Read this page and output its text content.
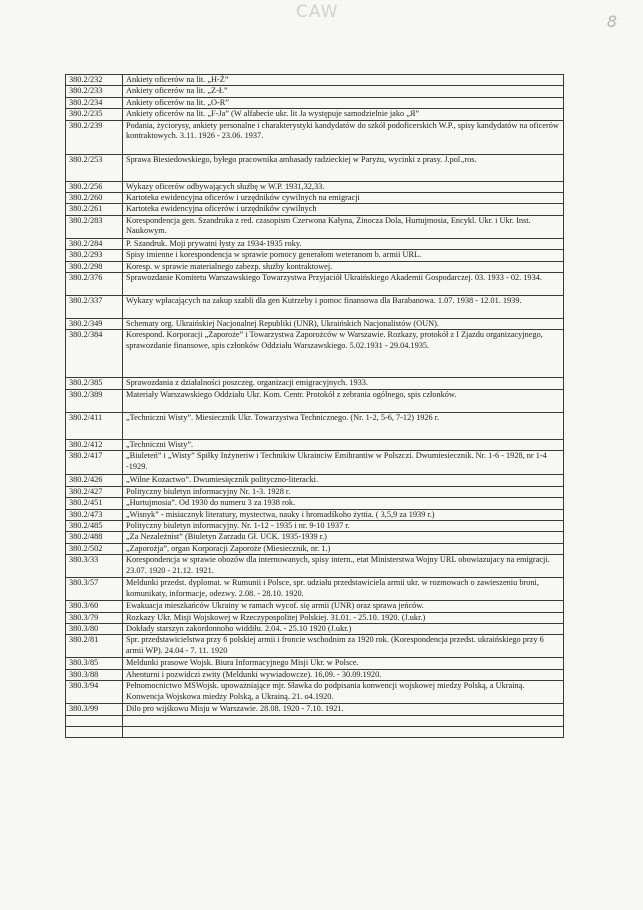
CAW	8
380.2/232	Ankiety oficerów na lit. „H-Ż”
380.2/233	Ankiety oficerów na lit. „Z-Ł”
380.2/234	Ankiety oficerów na lit. „O-R”
380.2/235	Ankiety oficerów na lit. „F-Ja” (W alfabecie ukr. lit Ja występuje samodzielnie jako „Я”
380.2/239	Podania, życiorysy, ankiety personalne i charakterystyki kandydatów do szkół podoficerskich W.P., spisy kandydatów na oficerów kontraktowych. 3.11. 1926 - 23.06. 1937.
380.2/253	Sprawa Biesiedowskiego, byłego pracownika ambasady radzieckiej w Paryżu, wycinki z prasy. J.pol.,ros.
380.2/256	Wykazy oficerów odbywających służbę w W.P. 1931,32,33.
380.2/260	Kartoteka ewidencyjna oficerów i urzędników cywilnych na emigracji
380.2/261	Kartoteka ewidencyjna oficerów i urzędników cywilnych
380.2/283	Korespondencja gen. Szandruka z red. czasopism Czerwona Kałyna, Zinocza Dola, Hurtujmosia, Encykl. Ukr. i Ukr. Inst. Naukowym.
380.2/284	P. Szandruk. Moji prywatni łysty za 1934-1935 roky.
380.2/293	Spisy imienne i korespondencja w sprawie pomocy generałom weteranom b. armii URL.
380.2/298	Koresp. w sprawie materialnego zabezp. służby kontraktowej.
380.2/376	Sprawozdanie Komitetu Warszawskiego Towarzystwa Przyjaciół Ukraińskiego Akademii Gospodarczej. 03. 1933 - 02. 1934.
380.2/337	Wykazy wpłacających na zakup szabli dla gen Kutrzeby i pomoc finansowa dla Barabanowa. 1.07. 1938 - 12.01. 1939.
380.2/349	Schematy org. Ukraińskiej Nacjonalnej Republiki (UNR), Ukraińskich Nacjonalistów (OUN).
380.2/384	Korespond. Korporacji „Zaporoże” i Towarzystwa Zaporożców w Warszawie. Rozkazy, protokół z I Zjazdu organizacyjnego, sprawozdanie finansowe, spis członków Oddziału Warszawskiego. 5.02.1931 - 29.04.1935.
380.2/385	Sprawozdania z działalności poszczeg. organizacji emigracyjnych. 1933.
380.2/389	Materiały Warszawskiego Oddziału Ukr. Kom. Centr. Protokół z zebrania ogólnego, spis członków.
380.2/411	„Techniczni Wisty”. Miesiecznik Ukr. Towarzystwa Technicznego. (Nr. 1-2, 5-6, 7-12) 1926 r.
380.2/412	„Techniczni Wisty”.
380.2/417	„Biuleteń” i „Wisty” Spiłky Inżyneriw i Technikiw Ukrainciw Emihrantiw w Polszczi. Dwumiesiecznik. Nr. 1-6 - 1928, nr 1-4 -1929.
380.2/426	„Wilne Kozactwo”. Dwumiesięcznik polityczno-literacki.
380.2/427	Polityczny biuletyn informacyjny Nr. 1-3. 1928 r.
380.2/451	„Hurtujmosia”. Od 1930 do numeru 3 za 1938 rok.
380.2/473	„Wisnyk” - misiacznyk literatury, mystectwa, nauky i hromadśkoho żyttia. ( 3,5,9 za 1939 r.)
380.2/485	Polityczny biuletyn informacyjny. Nr. 1-12 - 1935 i nr. 9-10 1937 r.
380.2/488	„Za Nezależnist” (Biuletyn Zarzadu Gł. UCK. 1935-1939 r.)
380.2/502	„Zaporożja”, organ Korporacji Zaporoże (Miesiecznik, nr. 1.)
380.3/33	Korespondencja w sprawie obozów dla internowanych, spisy intern., etat Ministerstwa Wojny URL obowiazujacy na emigracji. 23.07. 1920 - 21.12. 1921.
380.3/57	Meldunki przedst. dyplomat. w Rumunii i Polsce, spr. udziału przedstawiciela armii ukr. w rozmowach o zawieszeniu broni, komunikaty, informacje, odezwy. 2.08. - 28.10. 1920.
380.3/60	Ewakuacja mieszkańców Ukrainy w ramach wycof. się armii (UNR) oraz sprawa jeńców.
380.3/79	Rozkazy Ukr. Misji Wojskowej w Rzeczypospolitej Polskiej. 31.01. - 25.10. 1920. (J.ukr.)
380.3/80	Dokłady starszyn zakordonnoho widdiłu. 2.04. - 25.10 1920 (J.ukr.)
380.2/81	Spr. przedstawicielstwa przy 6 polskiej armii i froncie wschodnim za 1920 rok. (Korespondencja przedst. ukraińskiego przy 6 armii WP). 24.04 - 7. 11. 1920
380.3/85	Meldunki prasowe Wojsk. Biura Informacyjnego Misji Ukr. w Polsce.
380.3/88	Ahenturni i pozwidczi zwity (Meldunki wywiadowcze). 16,09. - 30.09.1920.
380.3/94	Pełnomocnictwo MSWojsk. upoważniające mjr. Sławka do podpisania konwencji wojskowej miedzy Polską, a Ukrainą. Konwencja Wojskowa miedzy Polską, a Ukrainą. 21. o4.1920.
380.3/99	Dilo pro wijśkowu Misju w Warszawie. 28.08. 1920 - 7.10. 1921.
